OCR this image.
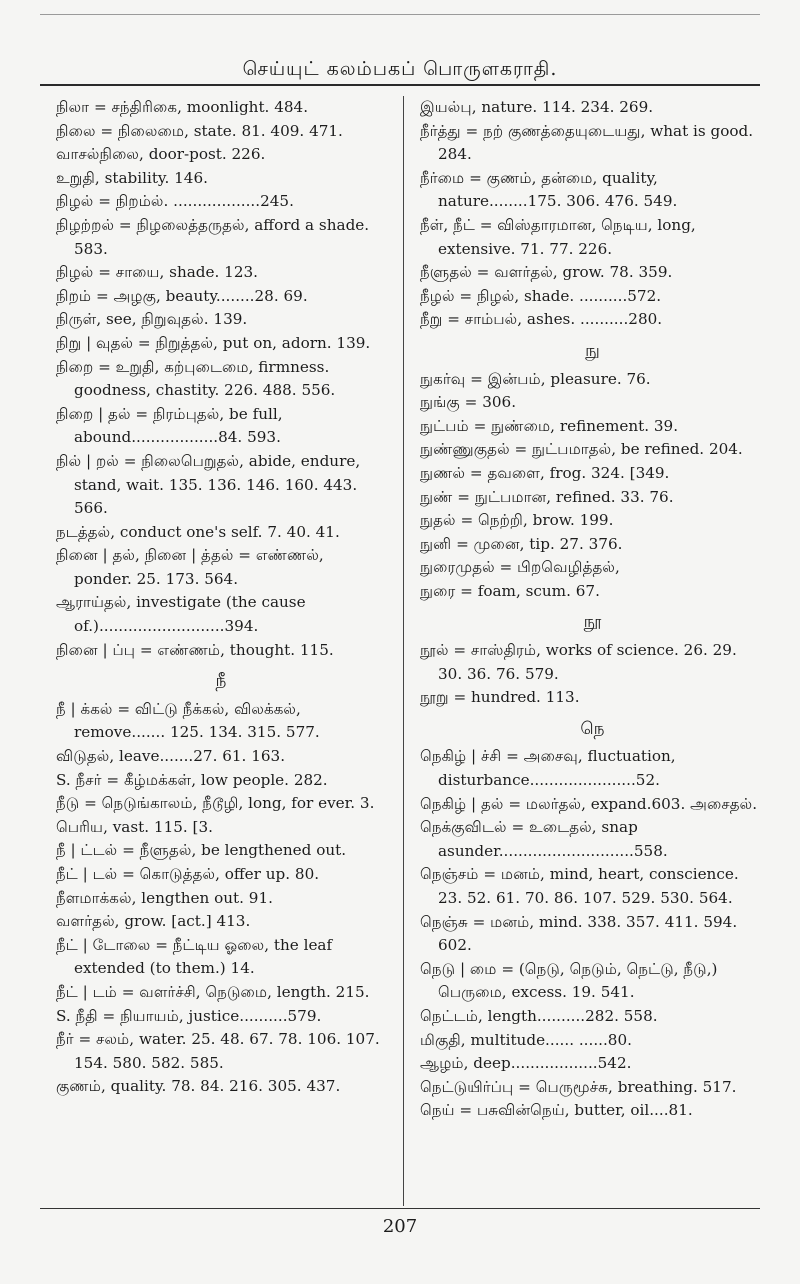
செய்யுட் கலம்பகப் பொருளகராதி.

நிலா = சந்திரிகை, moonlight. 484.

நிலை = நிலைமை, state. 81. 409. 471.

வாசல்நிலை, door-post. 226.

உறுதி, stability. 146.

நிழல் = நிறம்ல். ..................245.

நிழற்றல் = நிழலைத்தருதல், afford a shade. 583.

நிழல் = சாயை, shade. 123.

நிறம் = அழகு, beauty........28. 69.

நிருள், see, நிறுவுதல். 139.

நிறு | வுதல் = நிறுத்தல், put on, adorn. 139.

நிறை = உறுதி, கற்புடைமை, firmness. goodness, chastity. 226. 488. 556.

நிறை | தல் = நிரம்புதல், be full, abound..................84. 593.

நில் | றல் = நிலைபெறுதல், abide, endure, stand, wait. 135. 136. 146. 160. 443. 566.

நடத்தல், conduct one's self. 7. 40. 41.

நினை | தல், நினை | த்தல் = எண்ணல், ponder. 25. 173. 564.

ஆராய்தல், investigate (the cause of.)..........................394.

நினை | ப்பு = எண்ணம், thought. 115.

நீ

நீ | க்கல் = விட்டு நீக்கல், விலக்கல், remove....... 125. 134. 315. 577.

விடுதல், leave.......27. 61. 163.

S. நீசர் = கீழ்மக்கள், low people. 282.

நீடு = நெடுங்காலம், நீடூழி, long, for ever. 3.

பெரிய, vast. 115. [3.

நீ | ட்டல் = நீளுதல், be lengthened out.

நீட் | டல் = கொடுத்தல், offer up. 80.

நீளமாக்கல், lengthen out. 91.

வளர்தல், grow. [act.] 413.

நீட் | டோலை = நீட்டிய ஓலை, the leaf extended (to them.) 14.

நீட் | டம் = வளர்ச்சி, நெடுமை, length. 215.

S. நீதி = நியாயம், justice..........579.

நீர் = சலம், water. 25. 48. 67. 78. 106. 107. 154. 580. 582. 585.

குணம், quality. 78. 84. 216. 305. 437.

இயல்பு, nature. 114. 234. 269.

நீர்த்து = நற் குணத்தையுடையது, what is good. 284.

நீர்மை = குணம், தன்மை, quality, nature........175. 306. 476. 549.

நீள், நீட் = விஸ்தாரமான, நெடிய, long, extensive. 71. 77. 226.

நீளுதல் = வளர்தல், grow. 78. 359.

நீழல் = நிழல், shade. ..........572.

நீறு = சாம்பல், ashes. ..........280.

நு

நுகர்வு = இன்பம், pleasure. 76.

நுங்கு = 306.

நுட்பம் = நுண்மை, refinement. 39.

நுண்ணுகுதல் = நுட்பமாதல், be refined. 204.

நுணல் = தவளை, frog. 324. [349.

நுண் = நுட்பமான, refined. 33. 76.

நுதல் = நெற்றி, brow. 199.

நுனி = முனை, tip. 27. 376.

நுரைமுதல் = பிறவெழித்தல்,

நுரை = foam, scum. 67.

நூ

நூல் = சாஸ்திரம், works of science. 26. 29. 30. 36. 76. 579.

நூறு = hundred. 113.

நெ

நெகிழ் | ச்சி = அசைவு, fluctuation, disturbance......................52.

நெகிழ் | தல் = மலர்தல், expand.603. அசைதல்.

நெக்குவிடல் = உடைதல், snap asunder............................558.

நெஞ்சம் = மனம், mind, heart, conscience. 23. 52. 61. 70. 86. 107. 529. 530. 564.

நெஞ்சு = மனம், mind. 338. 357. 411. 594. 602.

நெடு | மை = (நெடு, நெடும், நெட்டு, நீடு,) பெருமை, excess. 19. 541.

நெட்டம், length..........282. 558.

மிகுதி, multitude...... ......80.

ஆழம், deep..................542.

நெட்டுயிர்ப்பு = பெருமூச்சு, breathing. 517.

நெய் = பசுவின்நெய், butter, oil....81.

207
